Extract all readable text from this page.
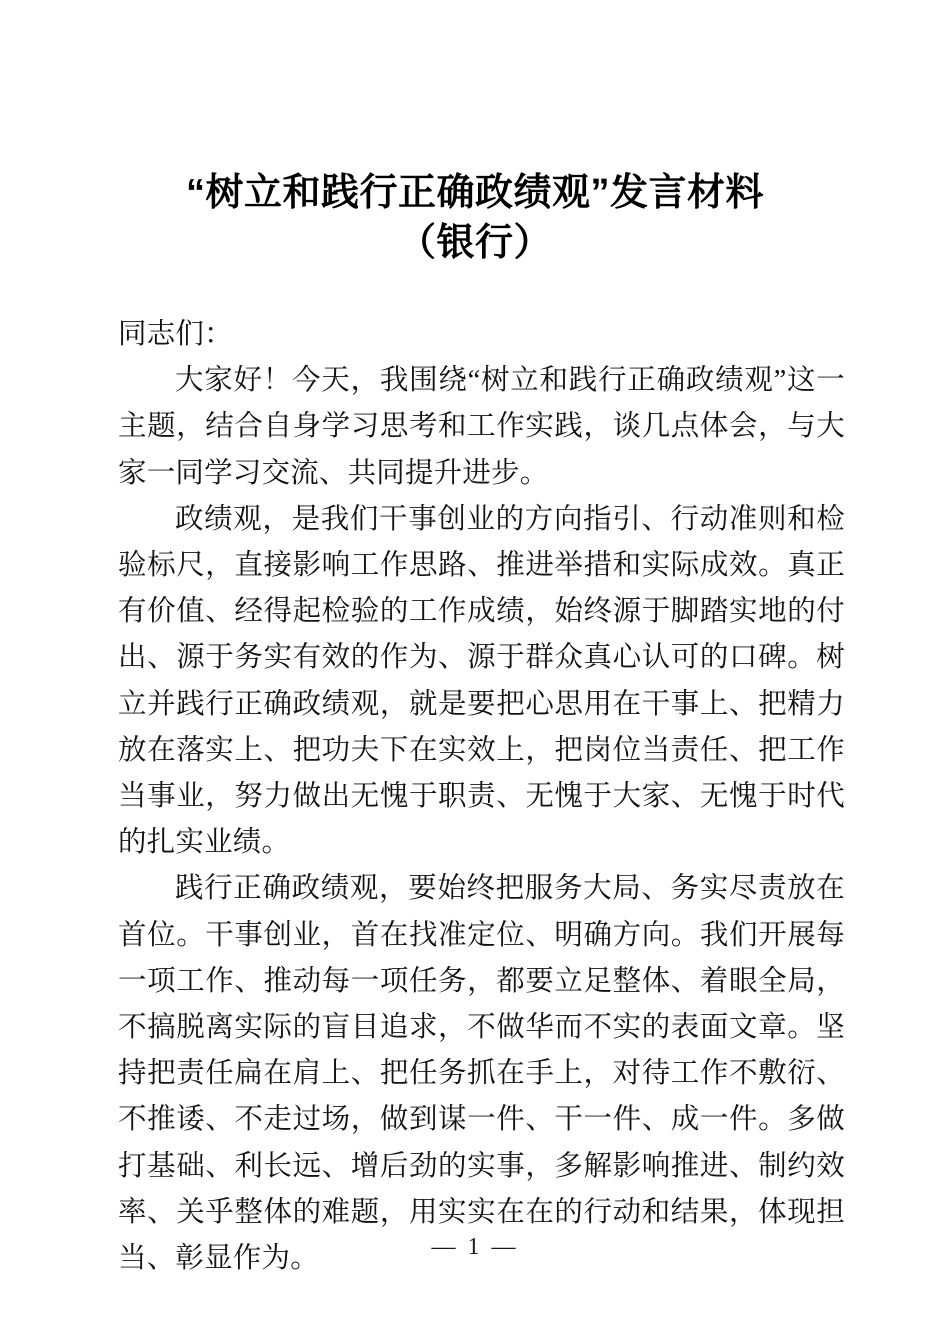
“树立和践行正确政绩观”发言材料
（银行）

同志们：

大家好！今天，我围绕“树立和践行正确政绩观”这一主题，结合自身学习思考和工作实践，谈几点体会，与大家一同学习交流、共同提升进步。

政绩观，是我们干事创业的方向指引、行动准则和检验标尺，直接影响工作思路、推进举措和实际成效。真正有价值、经得起检验的工作成绩，始终源于脚踏实地的付出、源于务实有效的作为、源于群众真心认可的口碑。树立并践行正确政绩观，就是要把心思用在干事上、把精力放在落实上、把功夫下在实效上，把岗位当责任、把工作当事业，努力做出无愧于职责、无愧于大家、无愧于时代的扎实业绩。

践行正确政绩观，要始终把服务大局、务实尽责放在首位。干事创业，首在找准定位、明确方向。我们开展每一项工作、推动每一项任务，都要立足整体、着眼全局，不搞脱离实际的盲目追求，不做华而不实的表面文章。坚持把责任扁在肩上、把任务抓在手上，对待工作不敷衍、不推诿、不走过场，做到谋一件、干一件、成一件。多做打基础、利长远、增后劲的实事，多解影响推进、制约效率、关乎整体的难题，用实实在在的行动和结果，体现担当、彰显作为。	— 1 —
